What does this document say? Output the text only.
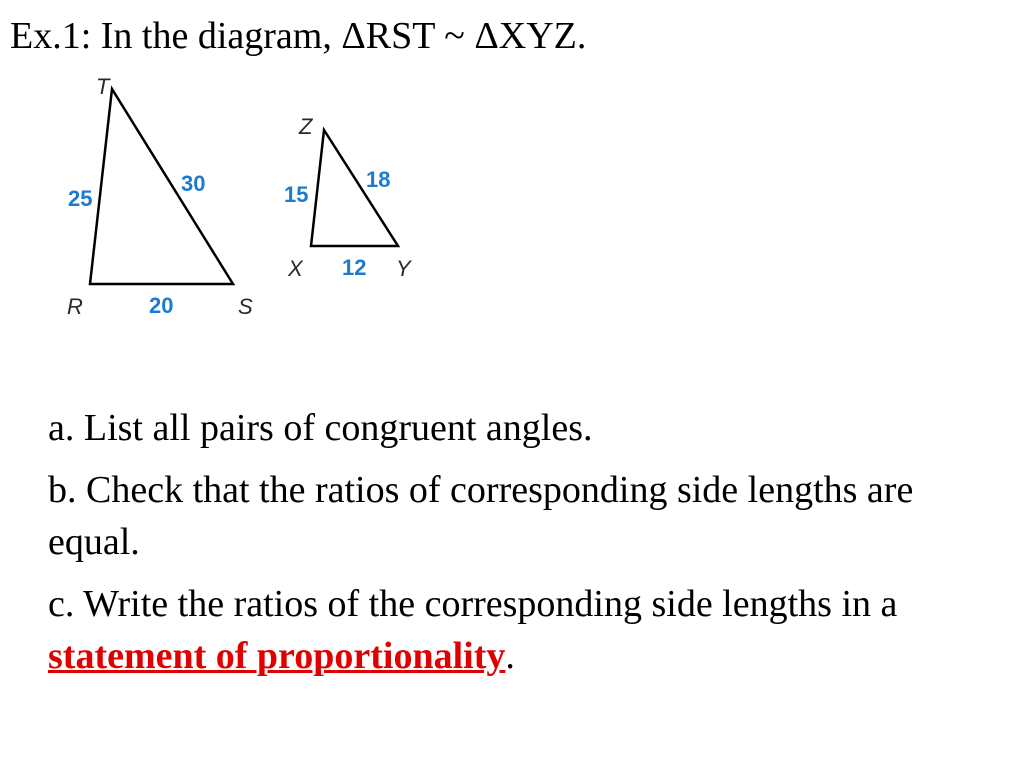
Ex.1: In the diagram, ΔRST ~ ΔXYZ.
T
R	S
25
30
20
Z
X	Y
15
18
12
a. List all pairs of congruent angles.
b. Check that the ratios of corresponding side lengths are equal.
c. Write the ratios of the corresponding side lengths in a statement of proportionality.
